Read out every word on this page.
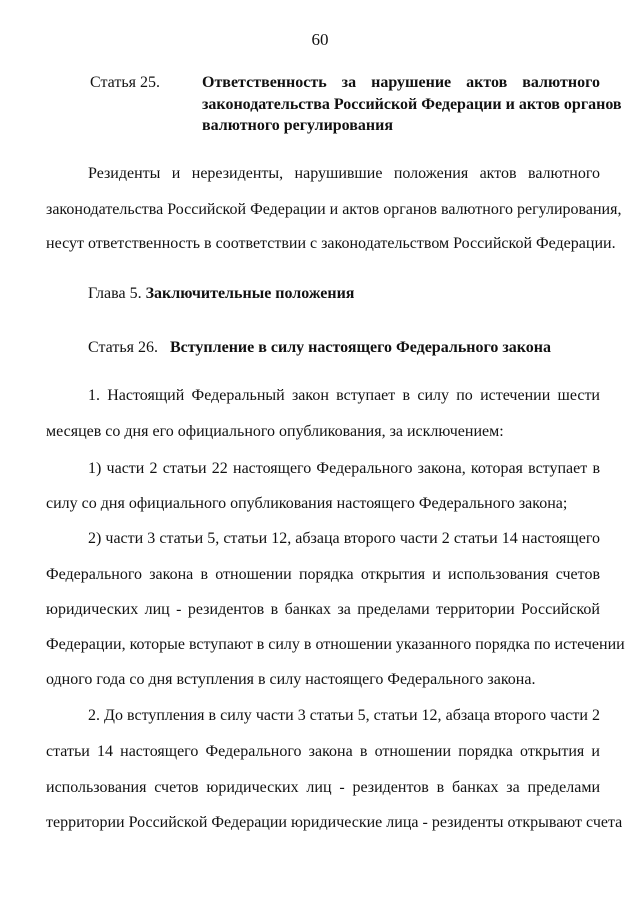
60
Статья 25.	Ответственность за нарушение актов валютного
законодательства Российской Федерации и актов органов
валютного регулирования
Резиденты и нерезиденты, нарушившие положения актов валютного
законодательства Российской Федерации и актов органов валютного регулирования,
несут ответственность в соответствии с законодательством Российской Федерации.
Глава 5. Заключительные положения
Статья 26. Вступление в силу настоящего Федерального закона
1. Настоящий Федеральный закон вступает в силу по истечении шести
месяцев со дня его официального опубликования, за исключением:
1) части 2 статьи 22 настоящего Федерального закона, которая вступает в
силу со дня официального опубликования настоящего Федерального закона;
2) части 3 статьи 5, статьи 12, абзаца второго части 2 статьи 14 настоящего
Федерального закона в отношении порядка открытия и использования счетов
юридических лиц - резидентов в банках за пределами территории Российской
Федерации, которые вступают в силу в отношении указанного порядка по истечении
одного года со дня вступления в силу настоящего Федерального закона.
2. До вступления в силу части 3 статьи 5, статьи 12, абзаца второго части 2
статьи 14 настоящего Федерального закона в отношении порядка открытия и
использования счетов юридических лиц - резидентов в банках за пределами
территории Российской Федерации юридические лица - резиденты открывают счета
